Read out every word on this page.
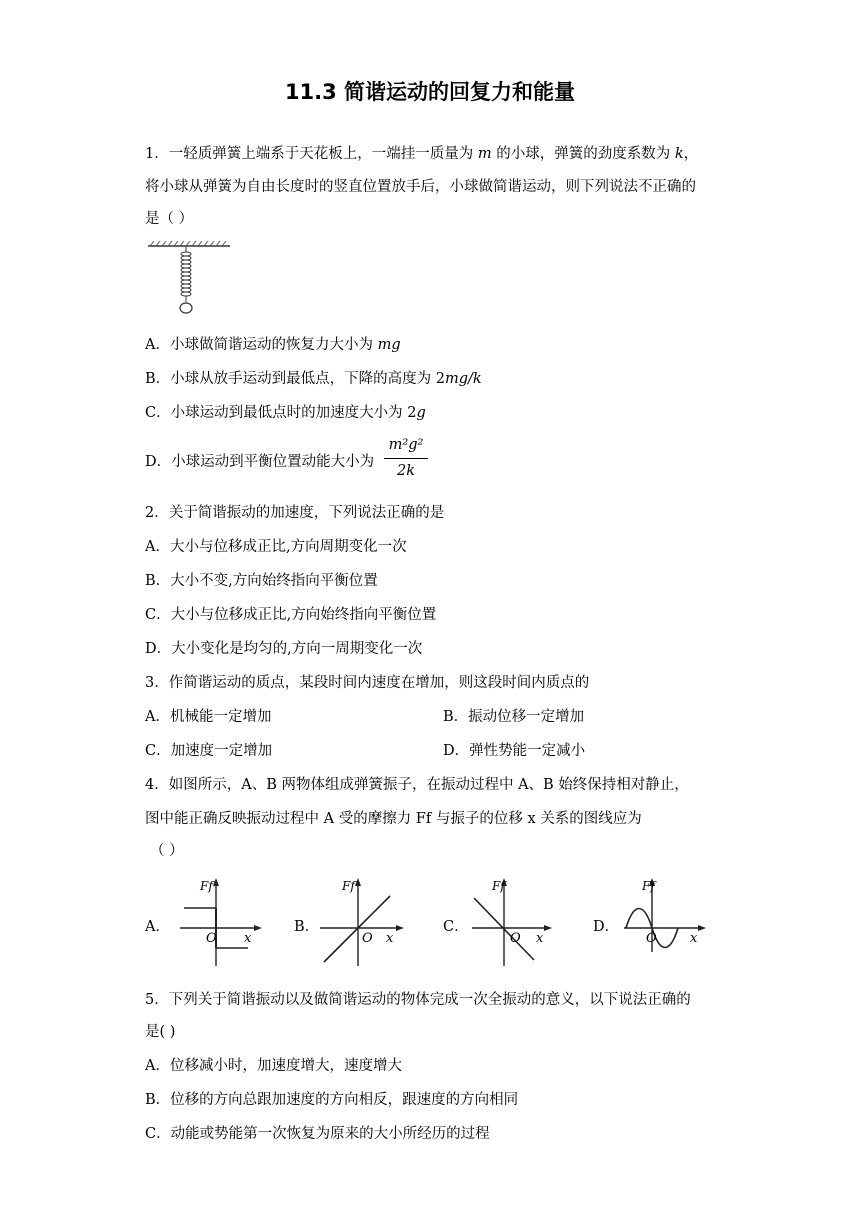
11.3 简谐运动的回复力和能量
1．一轻质弹簧上端系于天花板上，一端挂一质量为 m 的小球，弹簧的劲度系数为 k，
将小球从弹簧为自由长度时的竖直位置放手后，小球做简谐运动，则下列说法不正确的
是（ ）
A．小球做简谐运动的恢复力大小为 mg
B．小球从放手运动到最低点，下降的高度为 2mg/k
C．小球运动到最低点时的加速度大小为 2g
D．小球运动到平衡位置动能大小为
m²g²
2k
2．关于简谐振动的加速度，下列说法正确的是
A．大小与位移成正比,方向周期变化一次
B．大小不变,方向始终指向平衡位置
C．大小与位移成正比,方向始终指向平衡位置
D．大小变化是均匀的,方向一周期变化一次
3．作简谐运动的质点，某段时间内速度在增加，则这段时间内质点的
A．机械能一定增加	B．振动位移一定增加
C．加速度一定增加	D．弹性势能一定减小
4．如图所示，A、B 两物体组成弹簧振子，在振动过程中 A、B 始终保持相对静止，
图中能正确反映振动过程中 A 受的摩擦力 Ff 与振子的位移 x 关系的图线应为
（ ）
A．	B．	C．	D．
Ff
O x
Ff
O x
Ff
O x
Ff
O	x
5．下列关于简谐振动以及做简谐运动的物体完成一次全振动的意义，以下说法正确的
是( )
A．位移减小时，加速度增大，速度增大
B．位移的方向总跟加速度的方向相反，跟速度的方向相同
C．动能或势能第一次恢复为原来的大小所经历的过程
